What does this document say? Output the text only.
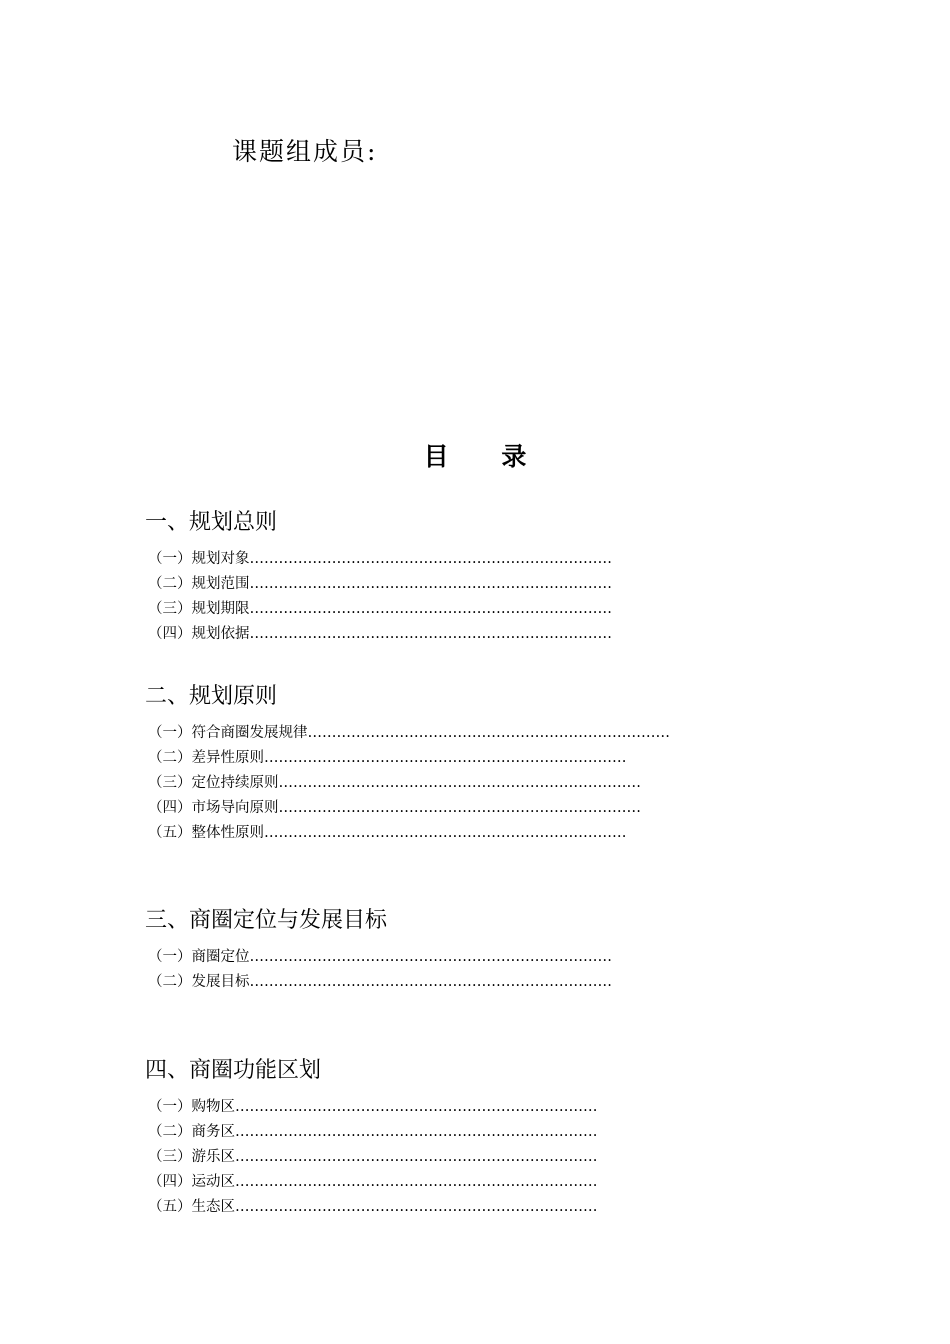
课题组成员:
目 录
一、规划总则
（一）规划对象…………………………………………………………………
（二）规划范围…………………………………………………………………
（三）规划期限…………………………………………………………………
（四）规划依据…………………………………………………………………
二、规划原则
（一）符合商圈发展规律…………………………………………………………………
（二）差异性原则…………………………………………………………………
（三）定位持续原则…………………………………………………………………
（四）市场导向原则…………………………………………………………………
（五）整体性原则…………………………………………………………………
三、商圈定位与发展目标
（一）商圈定位…………………………………………………………………
（二）发展目标…………………………………………………………………
四、商圈功能区划
（一）购物区…………………………………………………………………
（二）商务区…………………………………………………………………
（三）游乐区…………………………………………………………………
（四）运动区…………………………………………………………………
（五）生态区…………………………………………………………………
